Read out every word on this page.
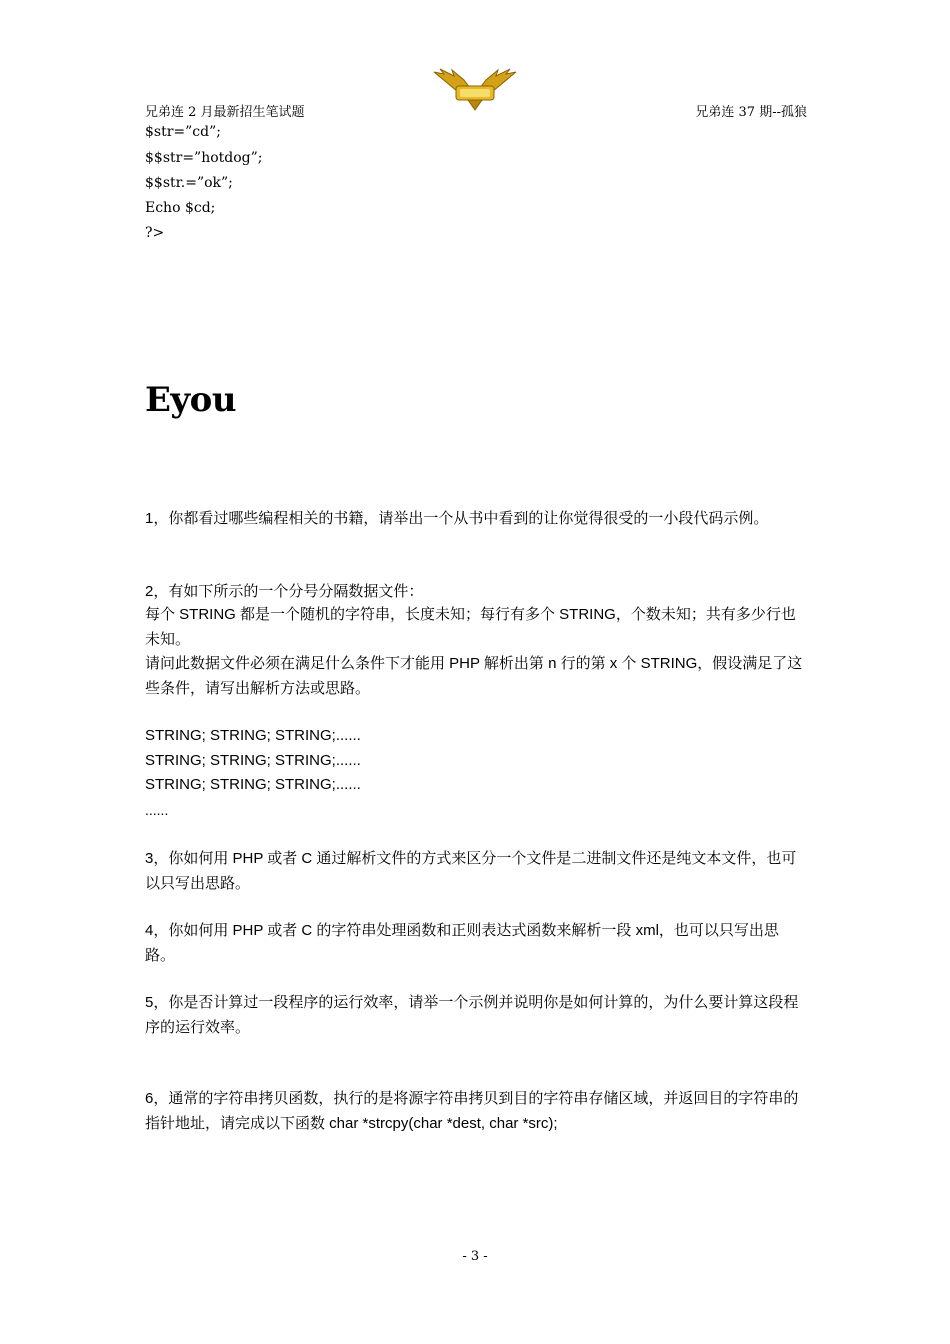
兄弟连 2 月最新招生笔试题	兄弟连 37 期--孤狼
$str=”cd”;
$$str=”hotdog”;
$$str.=”ok”;
Echo $cd;
?>
Eyou
1，你都看过哪些编程相关的书籍，请举出一个从书中看到的让你觉得很受的一小段代码示例。
2，有如下所示的一个分号分隔数据文件：
每个 STRING 都是一个随机的字符串，长度未知；每行有多个 STRING，个数未知；共有多少行也未知。
请问此数据文件必须在满足什么条件下才能用 PHP 解析出第 n 行的第 x 个 STRING，假设满足了这些条件，请写出解析方法或思路。
STRING; STRING; STRING;......
STRING; STRING; STRING;......
STRING; STRING; STRING;......
......
3，你如何用 PHP 或者 C 通过解析文件的方式来区分一个文件是二进制文件还是纯文本文件，也可以只写出思路。
4，你如何用 PHP 或者 C 的字符串处理函数和正则表达式函数来解析一段 xml，也可以只写出思路。
5，你是否计算过一段程序的运行效率，请举一个示例并说明你是如何计算的，为什么要计算这段程序的运行效率。
6，通常的字符串拷贝函数，执行的是将源字符串拷贝到目的字符串存储区域，并返回目的字符串的指针地址，请完成以下函数 char *strcpy(char *dest, char *src);
- 3 -
